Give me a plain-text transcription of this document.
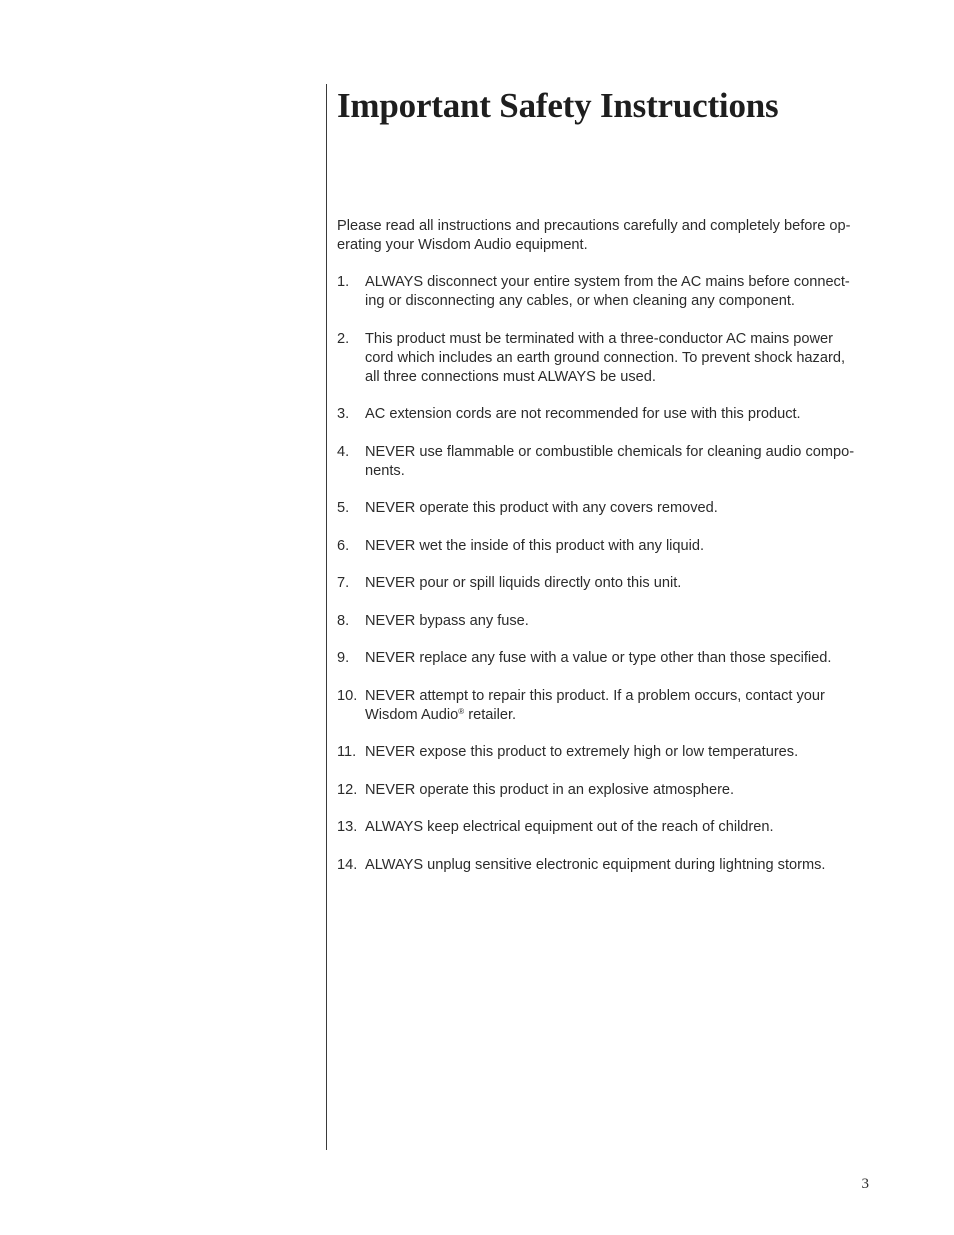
Important Safety Instructions

Please read all instructions and precautions carefully and completely before op-
erating your Wisdom Audio equipment.

1. ALWAYS disconnect your entire system from the AC mains before connect-
ing or disconnecting any cables, or when cleaning any component.
2. This product must be terminated with a three-conductor AC mains power
cord which includes an earth ground connection. To prevent shock hazard,
all three connections must ALWAYS be used.
3. AC extension cords are not recommended for use with this product.
4. NEVER use flammable or combustible chemicals for cleaning audio compo-
nents.
5. NEVER operate this product with any covers removed.
6. NEVER wet the inside of this product with any liquid.
7. NEVER pour or spill liquids directly onto this unit.
8. NEVER bypass any fuse.
9. NEVER replace any fuse with a value or type other than those specified.
10. NEVER attempt to repair this product. If a problem occurs, contact your
Wisdom Audio® retailer.
11. NEVER expose this product to extremely high or low temperatures.
12. NEVER operate this product in an explosive atmosphere.
13. ALWAYS keep electrical equipment out of the reach of children.
14. ALWAYS unplug sensitive electronic equipment during lightning storms.
3
